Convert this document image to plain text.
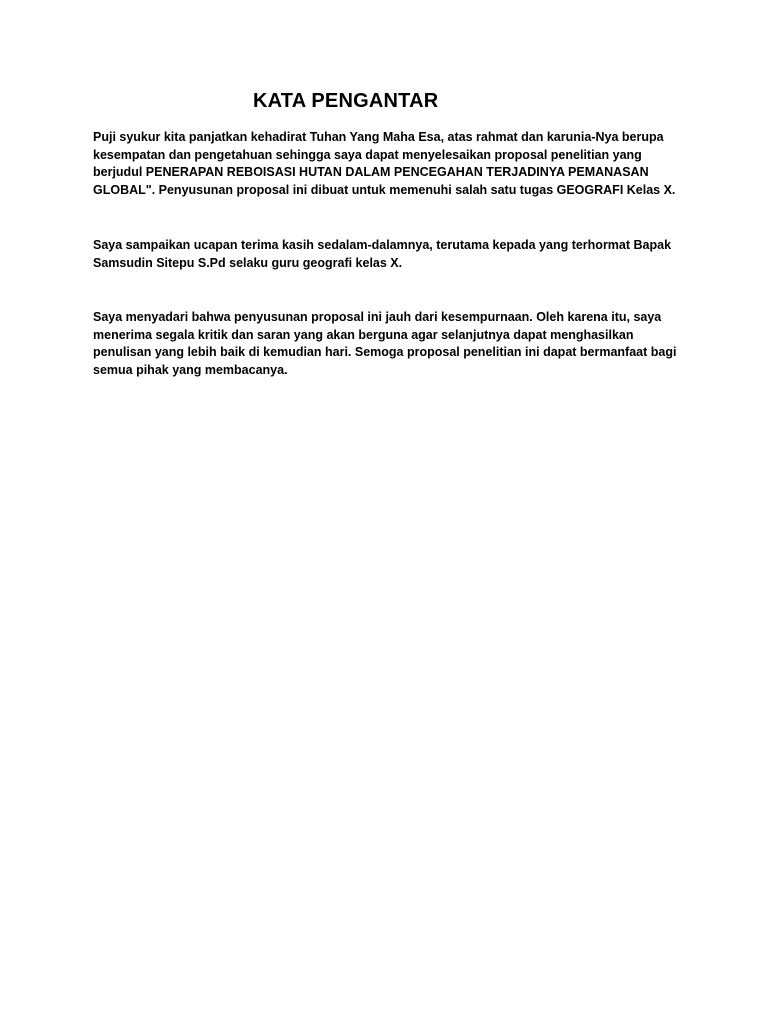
KATA PENGANTAR

Puji syukur kita panjatkan kehadirat Tuhan Yang Maha Esa, atas rahmat dan karunia-Nya berupa
kesempatan dan pengetahuan sehingga saya dapat menyelesaikan proposal penelitian yang
berjudul PENERAPAN REBOISASI HUTAN DALAM PENCEGAHAN TERJADINYA PEMANASAN
GLOBAL". Penyusunan proposal ini dibuat untuk memenuhi salah satu tugas GEOGRAFI Kelas X.

Saya sampaikan ucapan terima kasih sedalam-dalamnya, terutama kepada yang terhormat Bapak
Samsudin Sitepu S.Pd selaku guru geografi kelas X.

Saya menyadari bahwa penyusunan proposal ini jauh dari kesempurnaan. Oleh karena itu, saya
menerima segala kritik dan saran yang akan berguna agar selanjutnya dapat menghasilkan
penulisan yang lebih baik di kemudian hari. Semoga proposal penelitian ini dapat bermanfaat bagi
semua pihak yang membacanya.
